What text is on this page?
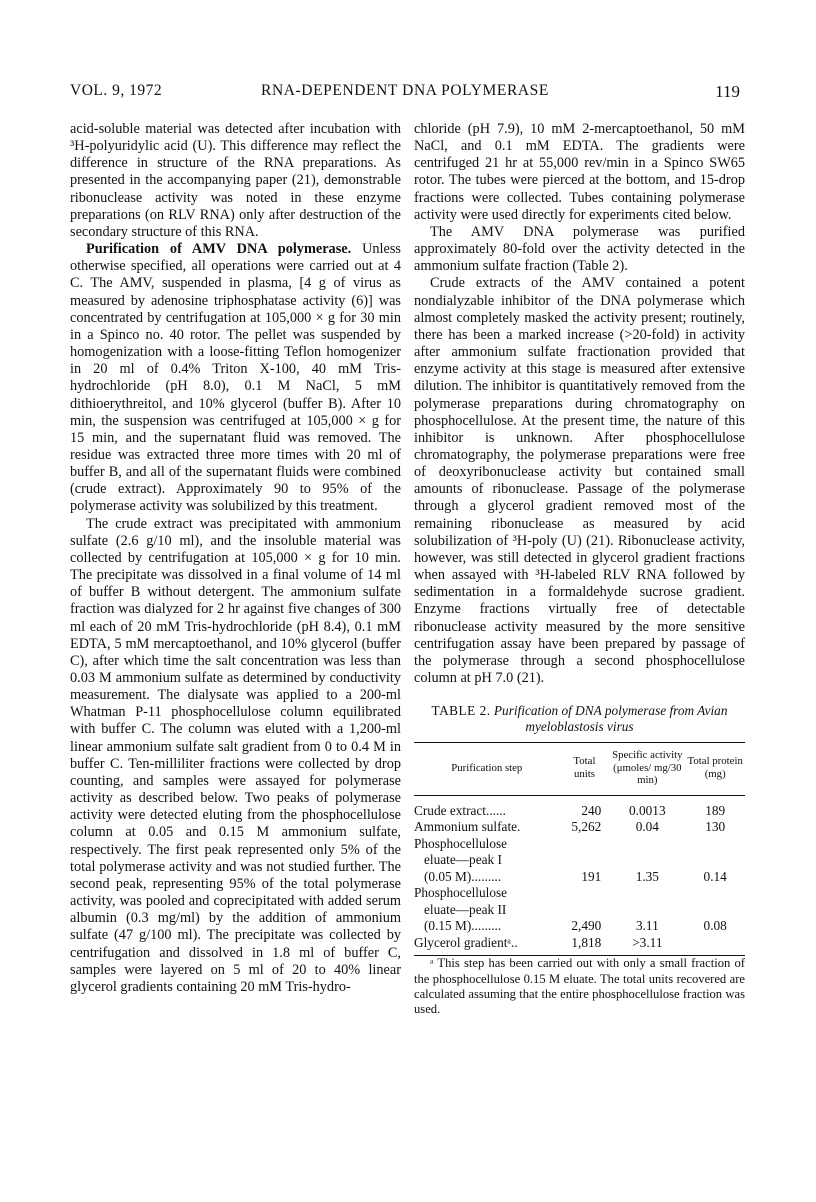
VOL. 9, 1972	RNA-DEPENDENT DNA POLYMERASE	119

acid-soluble material was detected after incubation with ³H-polyuridylic acid (U). This difference may reflect the difference in structure of the RNA preparations. As presented in the accompanying paper (21), demonstrable ribonuclease activity was noted in these enzyme preparations (on RLV RNA) only after destruction of the secondary structure of this RNA.

Purification of AMV DNA polymerase. Unless otherwise specified, all operations were carried out at 4 C. The AMV, suspended in plasma, [4 g of virus as measured by adenosine triphosphatase activity (6)] was concentrated by centrifugation at 105,000 × g for 30 min in a Spinco no. 40 rotor. The pellet was suspended by homogenization with a loose-fitting Teflon homogenizer in 20 ml of 0.4% Triton X-100, 40 mM Tris-hydrochloride (pH 8.0), 0.1 M NaCl, 5 mM dithioerythreitol, and 10% glycerol (buffer B). After 10 min, the suspension was centrifuged at 105,000 × g for 15 min, and the supernatant fluid was removed. The residue was extracted three more times with 20 ml of buffer B, and all of the supernatant fluids were combined (crude extract). Approximately 90 to 95% of the polymerase activity was solubilized by this treatment.

The crude extract was precipitated with ammonium sulfate (2.6 g/10 ml), and the insoluble material was collected by centrifugation at 105,000 × g for 10 min. The precipitate was dissolved in a final volume of 14 ml of buffer B without detergent. The ammonium sulfate fraction was dialyzed for 2 hr against five changes of 300 ml each of 20 mM Tris-hydrochloride (pH 8.4), 0.1 mM EDTA, 5 mM mercaptoethanol, and 10% glycerol (buffer C), after which time the salt concentration was less than 0.03 M ammonium sulfate as determined by conductivity measurement. The dialysate was applied to a 200-ml Whatman P-11 phosphocellulose column equilibrated with buffer C. The column was eluted with a 1,200-ml linear ammonium sulfate salt gradient from 0 to 0.4 M in buffer C. Ten-milliliter fractions were collected by drop counting, and samples were assayed for polymerase activity as described below. Two peaks of polymerase activity were detected eluting from the phosphocellulose column at 0.05 and 0.15 M ammonium sulfate, respectively. The first peak represented only 5% of the total polymerase activity and was not studied further. The second peak, representing 95% of the total polymerase activity, was pooled and coprecipitated with added serum albumin (0.3 mg/ml) by the addition of ammonium sulfate (47 g/100 ml). The precipitate was collected by centrifugation and dissolved in 1.8 ml of buffer C, samples were layered on 5 ml of 20 to 40% linear glycerol gradients containing 20 mM Tris-hydro-

chloride (pH 7.9), 10 mM 2-mercaptoethanol, 50 mM NaCl, and 0.1 mM EDTA. The gradients were centrifuged 21 hr at 55,000 rev/min in a Spinco SW65 rotor. The tubes were pierced at the bottom, and 15-drop fractions were collected. Tubes containing polymerase activity were used directly for experiments cited below.

The AMV DNA polymerase was purified approximately 80-fold over the activity detected in the ammonium sulfate fraction (Table 2).

Crude extracts of the AMV contained a potent nondialyzable inhibitor of the DNA polymerase which almost completely masked the activity present; routinely, there has been a marked increase (>20-fold) in activity after ammonium sulfate fractionation provided that enzyme activity at this stage is measured after extensive dilution. The inhibitor is quantitatively removed from the polymerase preparations during chromatography on phosphocellulose. At the present time, the nature of this inhibitor is unknown. After phosphocellulose chromatography, the polymerase preparations were free of deoxyribonuclease activity but contained small amounts of ribonuclease. Passage of the polymerase through a glycerol gradient removed most of the remaining ribonuclease as measured by acid solubilization of ³H-poly (U) (21). Ribonuclease activity, however, was still detected in glycerol gradient fractions when assayed with ³H-labeled RLV RNA followed by sedimentation in a formaldehyde sucrose gradient. Enzyme fractions virtually free of detectable ribonuclease activity measured by the more sensitive centrifugation assay have been prepared by passage of the polymerase through a second phosphocellulose column at pH 7.0 (21).

TABLE 2. Purification of DNA polymerase from Avian myeloblastosis virus
Purification step	Total units	Specific activity (μmoles/ mg/30 min)	Total protein (mg)
Crude extract......	240	0.0013	189
Ammonium sulfate.	5,262	0.04	130

Phosphocellulose
eluate—peak I
(0.05 M).........	191	1.35	0.14

Phosphocellulose
eluate—peak II
(0.15 M).........	2,490	3.11	0.08
Glycerol gradientᵃ..	1,818	>3.11	

ᵃ This step has been carried out with only a small fraction of the phosphocellulose 0.15 M eluate. The total units recovered are calculated assuming that the entire phosphocellulose fraction was used.
